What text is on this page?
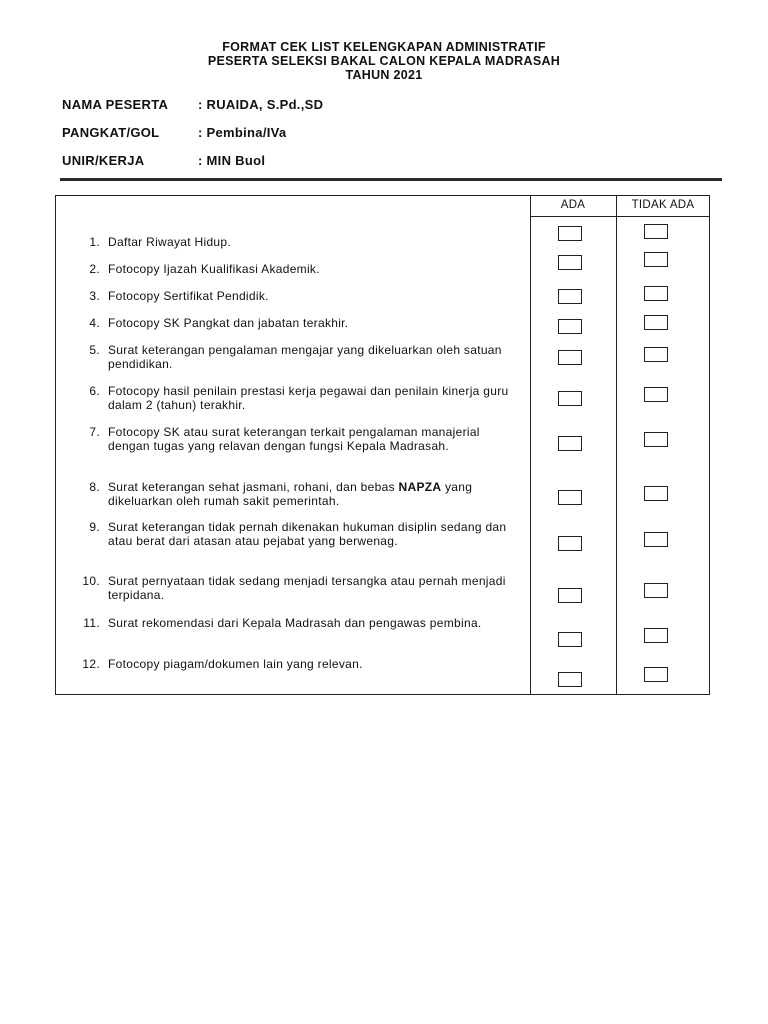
FORMAT CEK LIST KELENGKAPAN ADMINISTRATIF
PESERTA SELEKSI BAKAL CALON KEPALA MADRASAH
TAHUN 2021
NAMA PESERTA : RUAIDA, S.Pd.,SD
PANGKAT/GOL	: Pembina/IVa
UNIR/KERJA	: MIN Buol
ADA	TIDAK ADA
1. Daftar Riwayat Hidup.
2. Fotocopy Ijazah Kualifikasi Akademik.
3. Fotocopy Sertifikat Pendidik.
4. Fotocopy SK Pangkat dan jabatan terakhir.
5. Surat keterangan pengalaman mengajar yang dikeluarkan oleh satuan pendidikan.
6. Fotocopy hasil penilain prestasi kerja pegawai dan penilain kinerja guru dalam 2 (tahun) terakhir.
7. Fotocopy SK atau surat keterangan terkait pengalaman manajerial dengan tugas yang relavan dengan fungsi Kepala Madrasah.
8. Surat keterangan sehat jasmani, rohani, dan bebas NAPZA yang dikeluarkan oleh rumah sakit pemerintah.
9. Surat keterangan tidak pernah dikenakan hukuman disiplin sedang dan atau berat dari atasan atau pejabat yang berwenag.
10. Surat pernyataan tidak sedang menjadi tersangka atau pernah menjadi terpidana.
11. Surat rekomendasi dari Kepala Madrasah dan pengawas pembina.
12. Fotocopy piagam/dokumen lain yang relevan.
